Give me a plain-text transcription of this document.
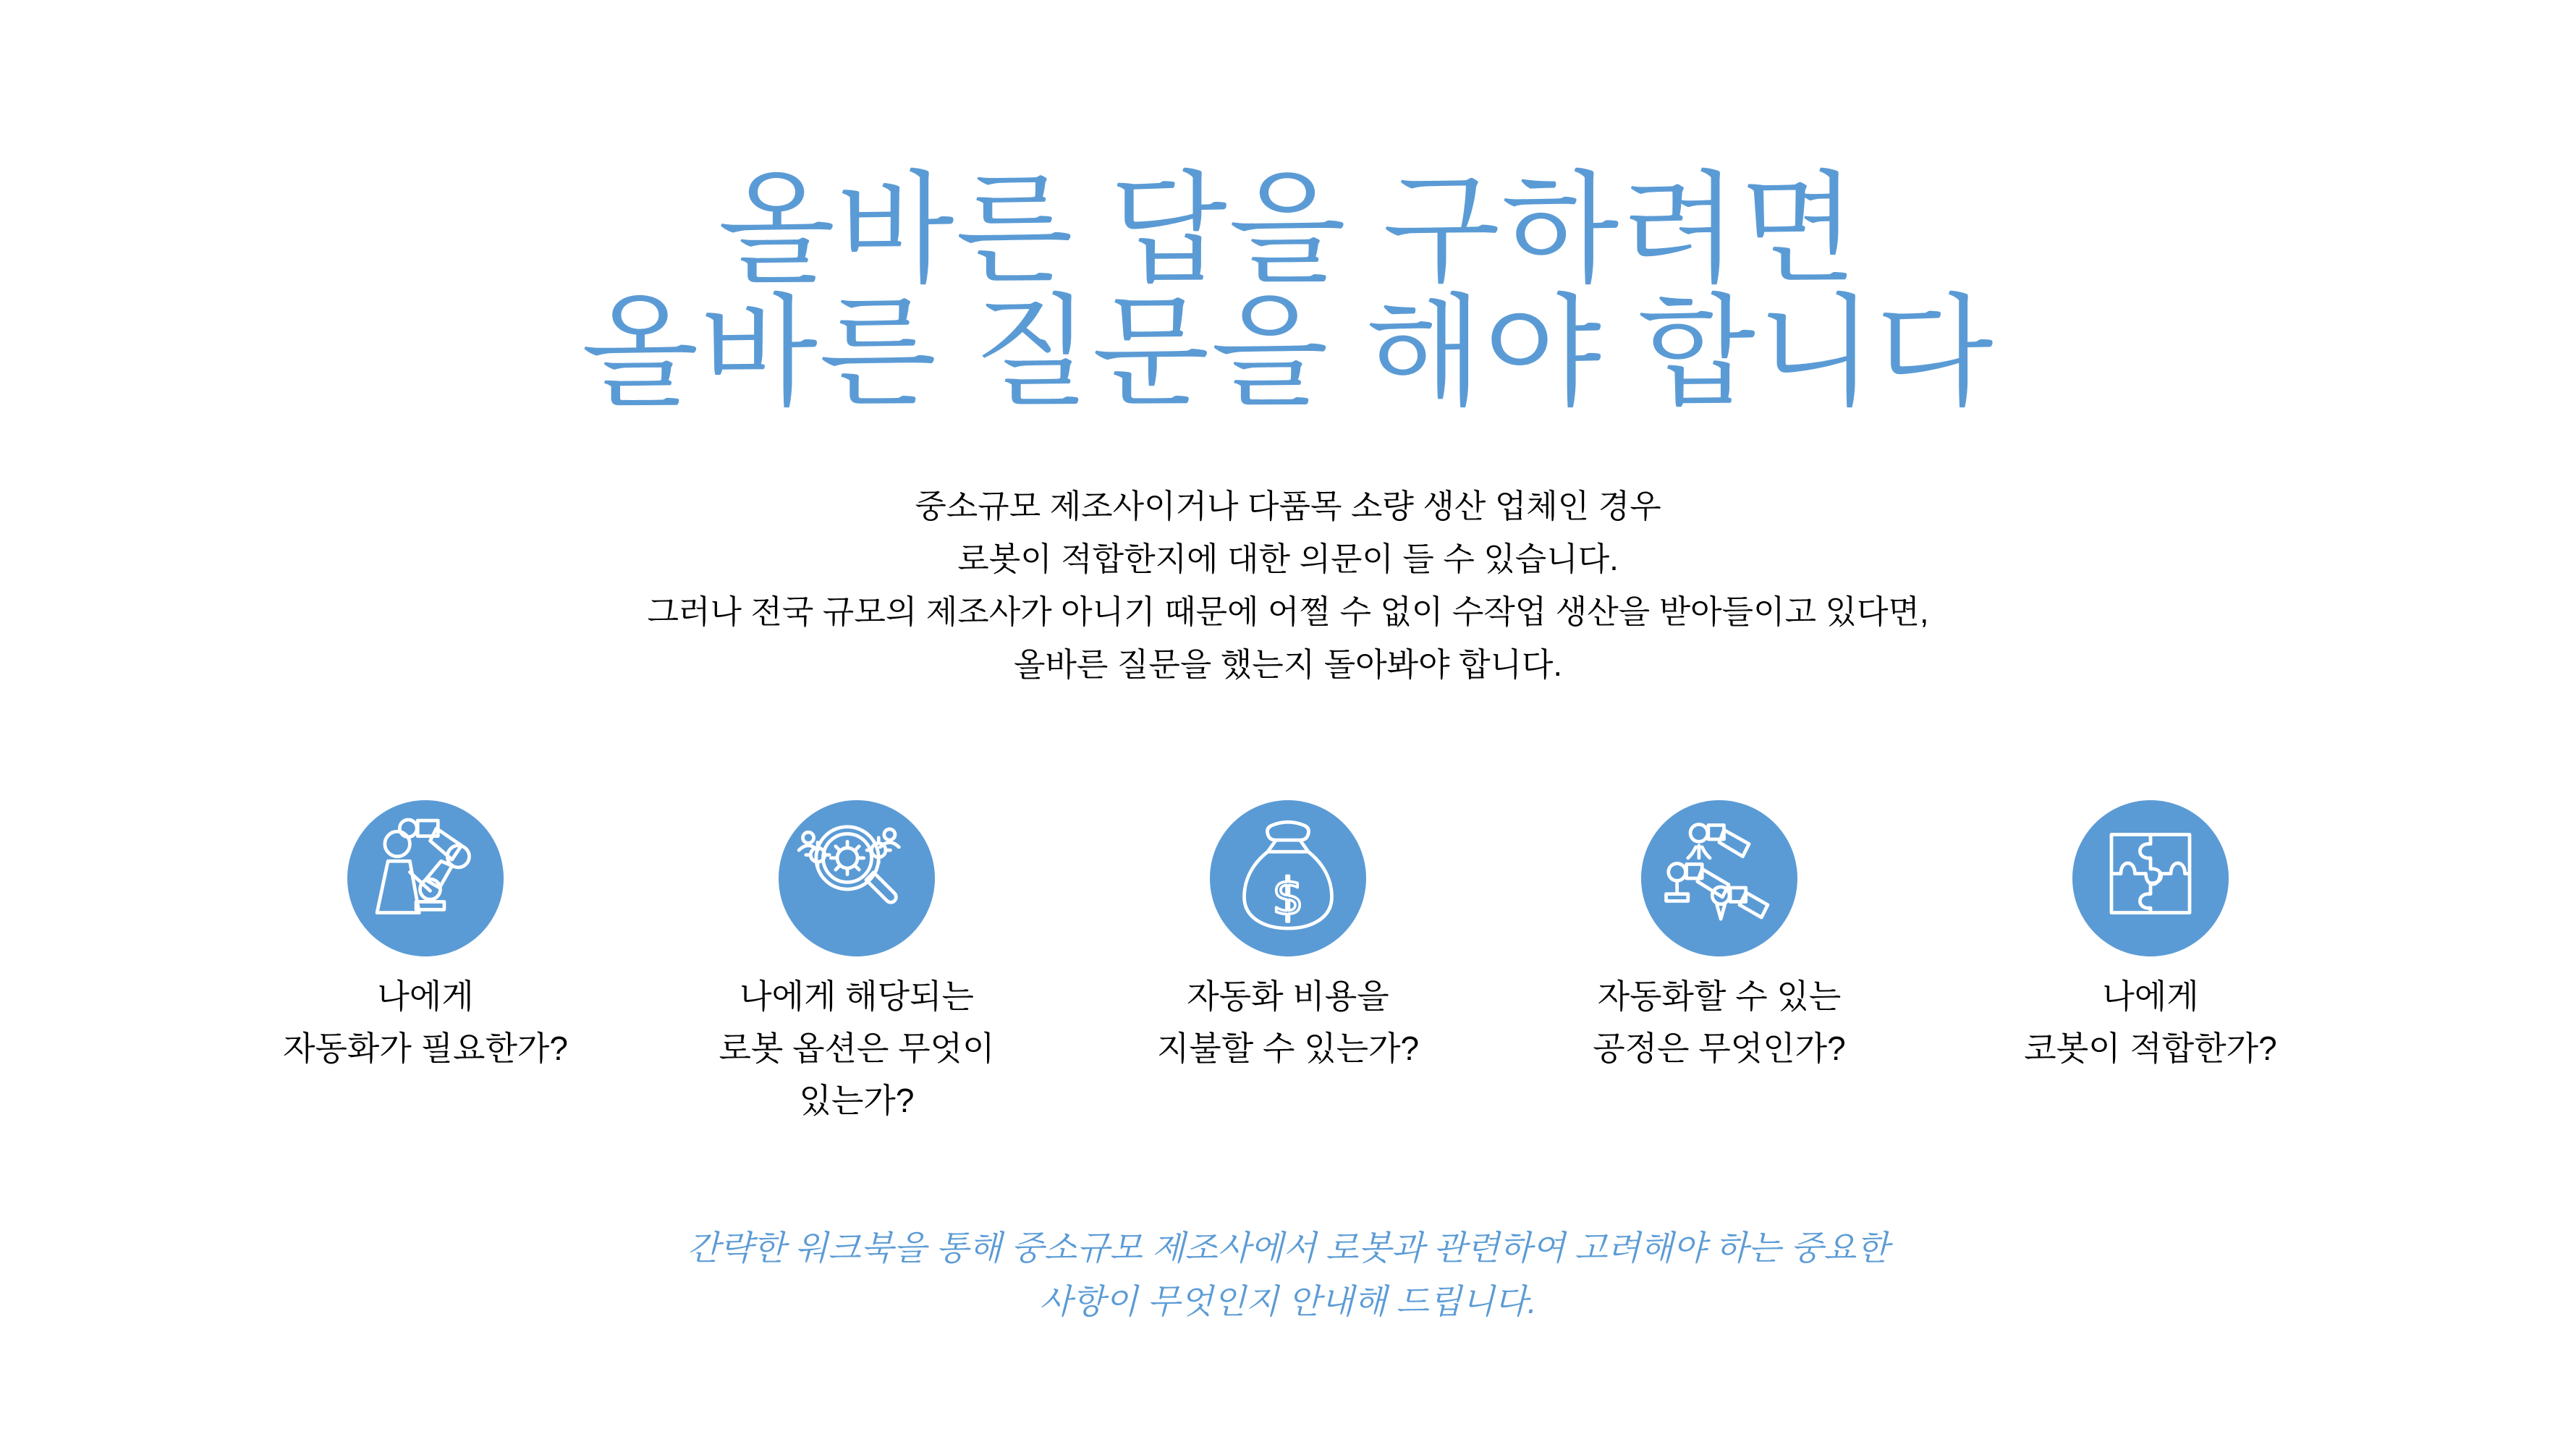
올바른 답을 구하려면
올바른 질문을 해야 합니다
중소규모 제조사이거나 다품목 소량 생산 업체인 경우
로봇이 적합한지에 대한 의문이 들 수 있습니다.
그러나 전국 규모의 제조사가 아니기 때문에 어쩔 수 없이 수작업 생산을 받아들이고 있다면,
올바른 질문을 했는지 돌아봐야 합니다.
나에게
자동화가 필요한가?
나에게 해당되는
로봇 옵션은 무엇이
있는가?
$
자동화 비용을
지불할 수 있는가?
자동화할 수 있는
공정은 무엇인가?
나에게
코봇이 적합한가?
간략한 워크북을 통해 중소규모 제조사에서 로봇과 관련하여 고려해야 하는 중요한
사항이 무엇인지 안내해 드립니다.
